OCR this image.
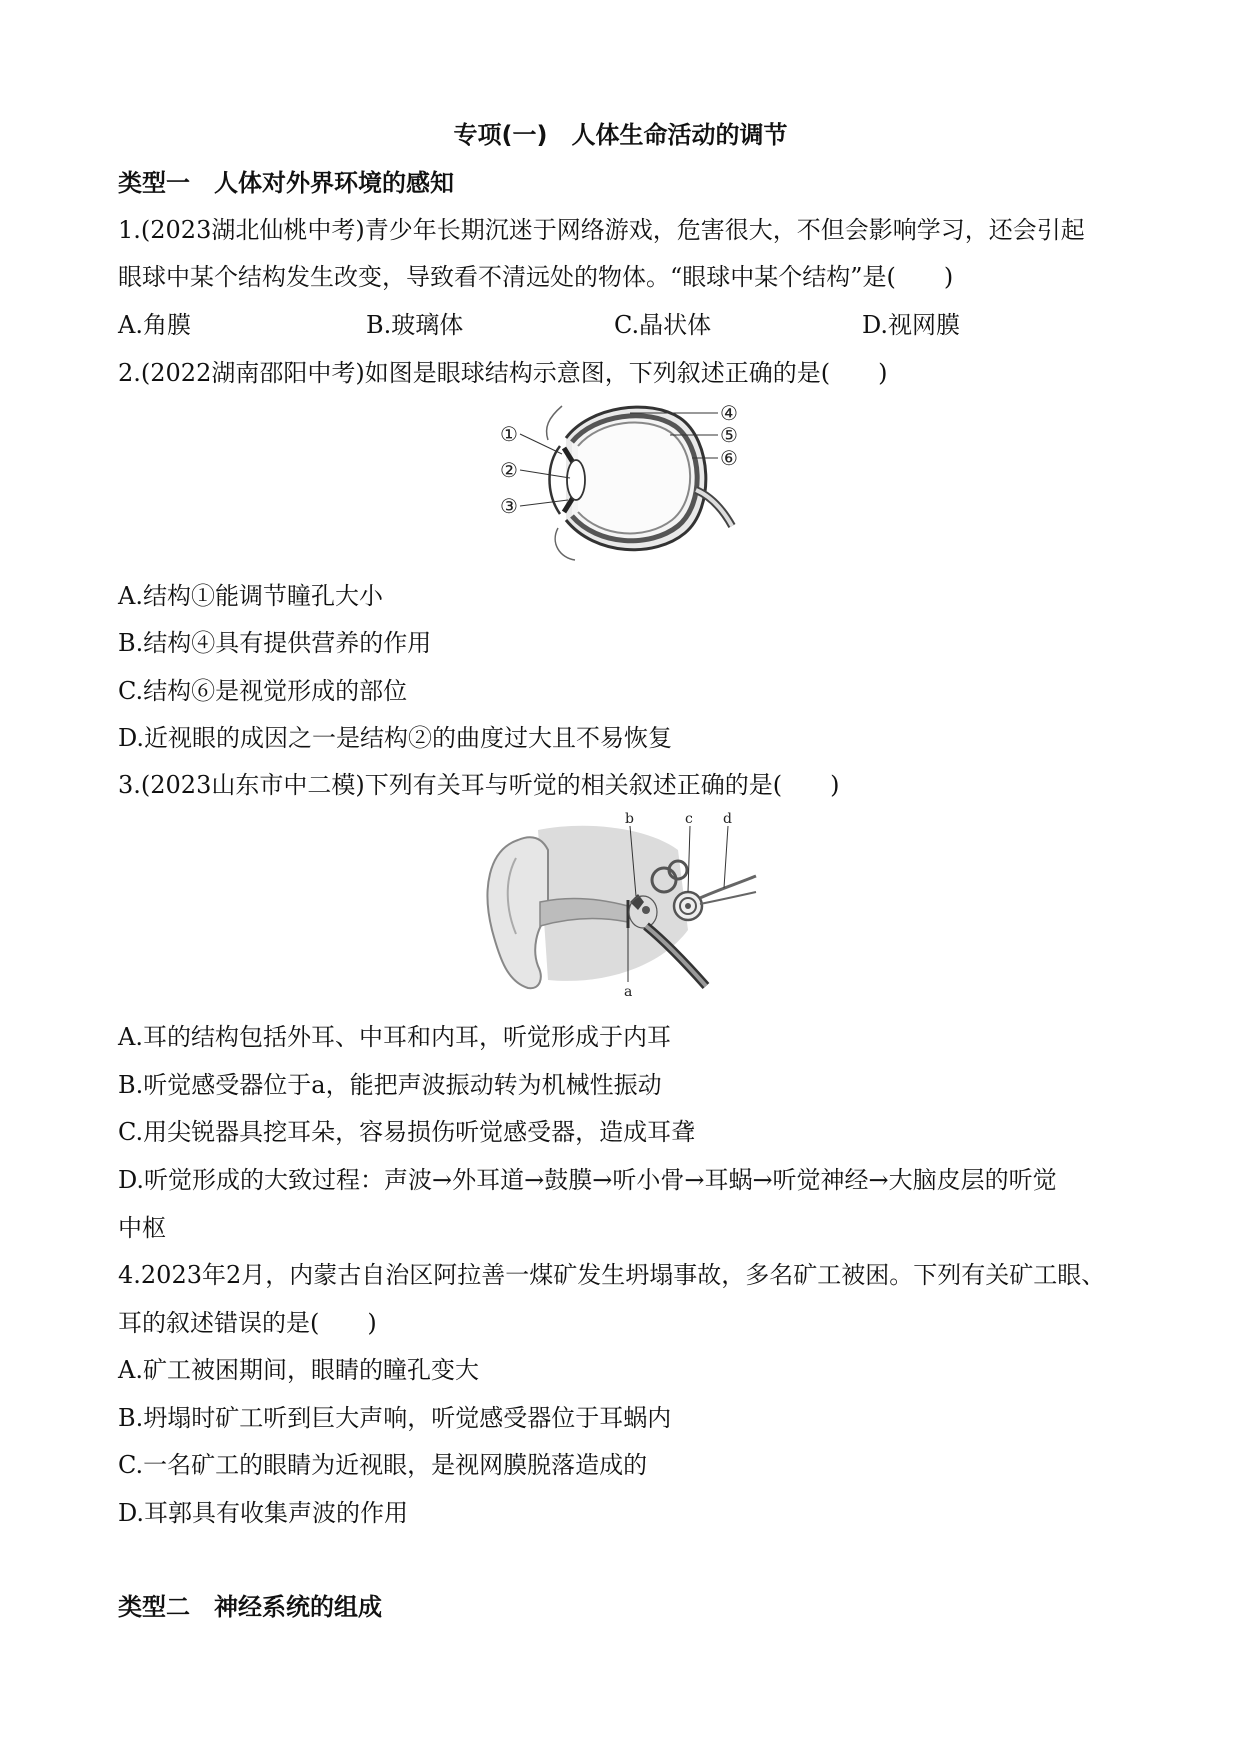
专项(一)　人体生命活动的调节
类型一　人体对外界环境的感知
1.(2023湖北仙桃中考)青少年长期沉迷于网络游戏，危害很大，不但会影响学习，还会引起
眼球中某个结构发生改变，导致看不清远处的物体。“眼球中某个结构”是(　　)
A.角膜	B.玻璃体	C.晶状体	D.视网膜
2.(2022湖南邵阳中考)如图是眼球结构示意图，下列叙述正确的是(　　)
①
②
③
④
⑤
⑥
A.结构①能调节瞳孔大小
B.结构④具有提供营养的作用
C.结构⑥是视觉形成的部位
D.近视眼的成因之一是结构②的曲度过大且不易恢复
3.(2023山东市中二模)下列有关耳与听觉的相关叙述正确的是(　　)
b	c d
a
A.耳的结构包括外耳、中耳和内耳，听觉形成于内耳
B.听觉感受器位于a，能把声波振动转为机械性振动
C.用尖锐器具挖耳朵，容易损伤听觉感受器，造成耳聋
D.听觉形成的大致过程：声波→外耳道→鼓膜→听小骨→耳蜗→听觉神经→大脑皮层的听觉
中枢
4.2023年2月，内蒙古自治区阿拉善一煤矿发生坍塌事故，多名矿工被困。下列有关矿工眼、
耳的叙述错误的是(　　)
A.矿工被困期间，眼睛的瞳孔变大
B.坍塌时矿工听到巨大声响，听觉感受器位于耳蜗内
C.一名矿工的眼睛为近视眼，是视网膜脱落造成的
D.耳郭具有收集声波的作用
类型二　神经系统的组成
